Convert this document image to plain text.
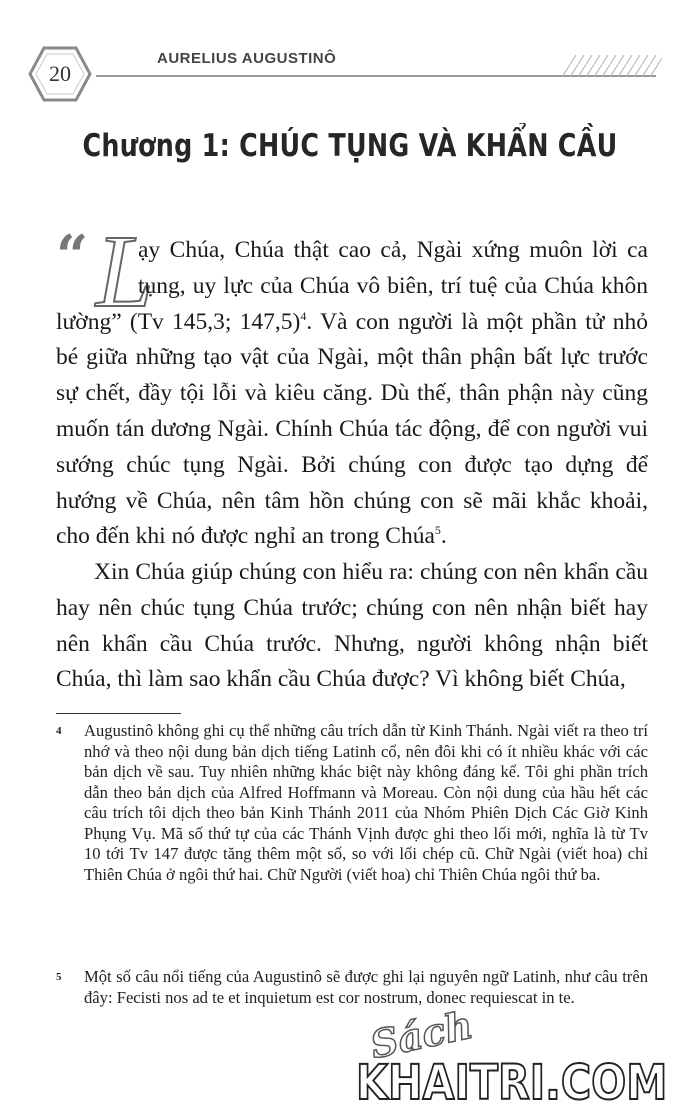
20
AURELIUS AUGUSTINÔ
Chương 1: CHÚC TỤNG VÀ KHẨN CẦU
“ L

ạy Chúa, Chúa thật cao cả, Ngài xứng muôn lời ca tụng, uy lực của Chúa vô biên, trí tuệ của Chúa khôn lường” (Tv 145,3; 147,5)$^4$. Và con người là một phần tử nhỏ bé giữa những tạo vật của Ngài, một thân phận bất lực trước sự chết, đầy tội lỗi và kiêu căng. Dù thế, thân phận này cũng muốn tán dương Ngài. Chính Chúa tác động, để con người vui sướng chúc tụng Ngài. Bởi chúng con được tạo dựng để hướng về Chúa, nên tâm hồn chúng con sẽ mãi khắc khoải, cho đến khi nó được nghỉ an trong Chúa$^5$.

Xin Chúa giúp chúng con hiểu ra: chúng con nên khẩn cầu hay nên chúc tụng Chúa trước; chúng con nên nhận biết hay nên khẩn cầu Chúa trước. Nhưng, người không nhận biết Chúa, thì làm sao khẩn cầu Chúa được? Vì không biết Chúa,

4 Augustinô không ghi cụ thể những câu trích dẫn từ Kinh Thánh. Ngài viết ra theo trí nhớ và theo nội dung bản dịch tiếng Latinh cổ, nên đôi khi có ít nhiều khác với các bản dịch về sau. Tuy nhiên những khác biệt này không đáng kể. Tôi ghi phần trích dẫn theo bản dịch của Alfred Hoffmann và Moreau. Còn nội dung của hầu hết các câu trích tôi dịch theo bản Kinh Thánh 2011 của Nhóm Phiên Dịch Các Giờ Kinh Phụng Vụ. Mã số thứ tự của các Thánh Vịnh được ghi theo lối mới, nghĩa là từ Tv 10 tới Tv 147 được tăng thêm một số, so với lối chép cũ. Chữ Ngài (viết hoa) chỉ Thiên Chúa ở ngôi thứ hai. Chữ Người (viết hoa) chỉ Thiên Chúa ngôi thứ ba.
5 Một số câu nổi tiếng của Augustinô sẽ được ghi lại nguyên ngữ Latinh, như câu trên đây: Fecisti nos ad te et inquietum est cor nostrum, donec requiescat in te.
Sách
KHAITRI.COM
